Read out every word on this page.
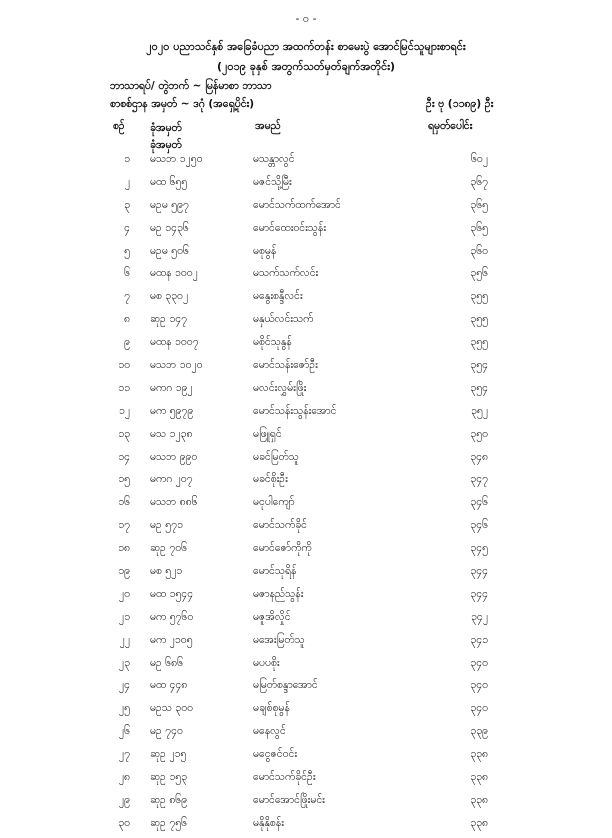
- ၀ -
၂၀၂၀ ပညာသင်နှစ် အခြေခံပညာ အထက်တန်း စာမေးပွဲ အောင်မြင်သူများစာရင်း
(၂၀၁၉ ခုနှစ် အတွက်သတ်မှတ်ချက်အတိုင်း)
ဘာသာရပ်/ တွဲဘက် ~ မြန်မာစာ ဘာသာ
စာစစ်ဌာန အမှတ် ~ ဒဂုံ (အရှေ့ပိုင်း)	ဦး ဗု (၁၁၈၉) ဦး
စဉ် ခုံအမှတ်
ခုံအမှတ်
အမည်	ရမှတ်ပေါင်း
၁ မသဘ ၁၂၅၀	မသန္တာလွင်	၆၀၂
၂ မထ ၆၅၅	မဇင်သို့မြီး	၃၆၇
၃ မဥမ ၅၉၇	မောင်သက်ထက်အောင်	၃၆၅
၄ မဥ ၁၄၃၆	မောင်ထေးဝင်းသွန်း	၃၆၅
၅ မဥမ ၅၀၆	မစုမွန်	၃၆၀
၆ မထန ၁၀၀၂	မသက်သက်လင်း	၃၅၆
၇ မစ ၃၃၀၂	မနွေးစန္ဒီလင်း	၃၅၅
၈ ဆုဥ ၁၄၇	မနှယ်လင်းသက်	၃၅၅
၉ မထန ၁၀၀၇	မစိုင်သုနွန်	၃၅၅
၁၀ မသဘ ၁၀၂၀	မောင်သန်းဇော်ဦး	၃၅၄
၁၁ မကဂ ၁၉၂	မလင်းလွှမ်းဖြိုး	၃၅၄
၁၂ မက ၅၉၇၉	မောင်သန်းသွန်းအောင်	၃၅၂
၁၃ မသ ၁၂၃၈	မဖြူရှင်	၃၅၀
၁၄ မသဘ ၉၉၀	မခင်မြတ်သူ	၃၄၈
၁၅ မကဂ ၂၀၇	မခင်စိုးဦး	၃၄၇
၁၆ မသဘ ၈၈၆	မငုပါကျော်	၃၄၆
၁၇ မဥ ၅၇၁	မောင်သက်ခိုင်	၃၄၆
၁၈ ဆုဥ ၇၀၆	မောင်ဇော်ကိုကို	၃၄၅
၁၉ မစ ၅၂၁	မောင်သုရိန်	၃၄၄
၂၀ မထ ၁၅၄၄	မဇာနည်သွန်း	၃၄၄
၂၁ မက ၅၇၆၀	မဇူအိလှိုင်	၃၄၂
၂၂ မက ၂၁၀၅	မအေးမြတ်သူ	၃၄၁
၂၃ မဥ ၆၈၆	မပပစိုး	၃၄၀
၂၄ မထ ၄၄၈	မမြတ်စန္ဒာအောင်	၃၄၀
၂၅ မဥသ ၃၀၀	မချစ်စုမွန်	၃၄၀
၂၆ မဥ ၇၄၀	မနေလွင်	၃၃၉
၂၇ ဆုဥ ၂၁၅	မငွေဇင်ဝင်း	၃၃၈
၂၈ ဆုဥ ၁၅၃	မောင်သက်ခိုင်ဦး	၃၃၈
၂၉ ဆုဥ ၈၆၉	မောင်အောင်ဖြိုးမင်း	၃၃၈
၃၀ ဆုဥ ၇၅၆	မနိုနိုစန်း	၃၃၈
